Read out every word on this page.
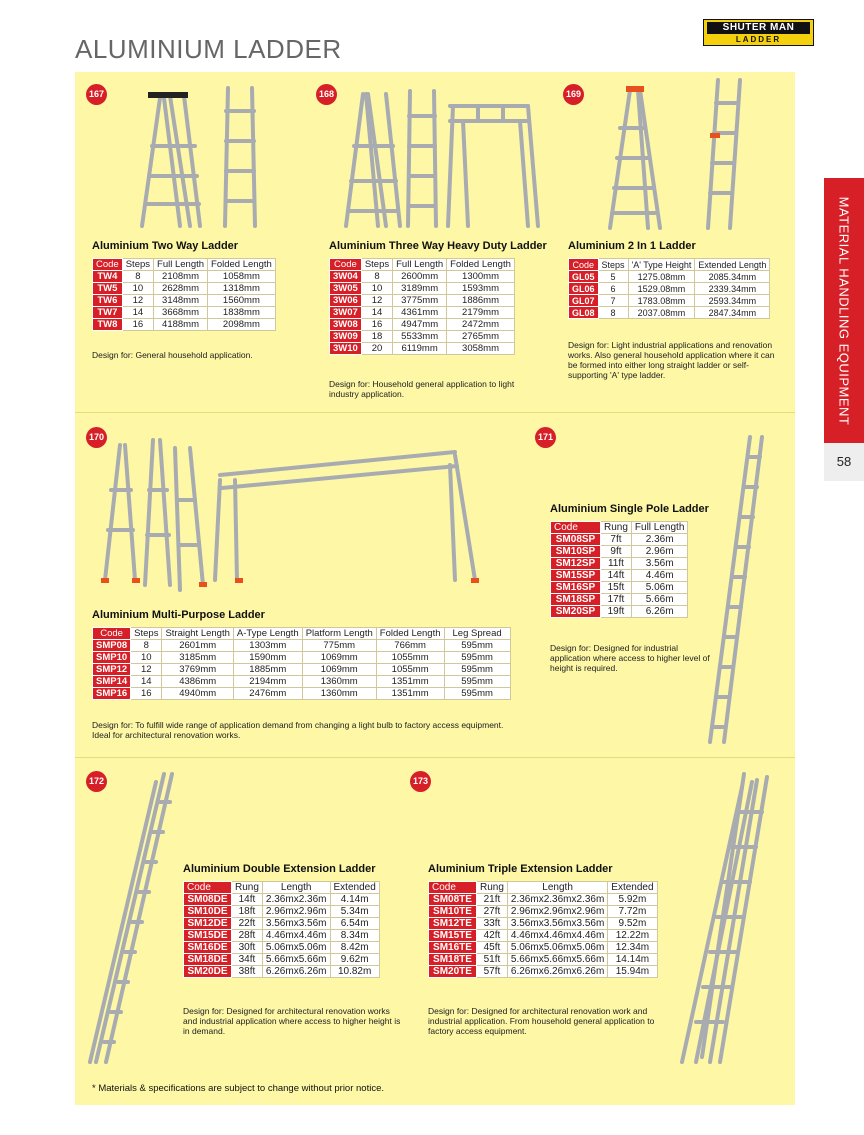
ALUMINIUM LADDER
SHUTER MAN
LADDER
MATERIAL HANDLING EQUIPMENT
58
167
Aluminium Two Way Ladder
Code	Steps	Full Length	Folded Length
TW4	8	2108mm	1058mm
TW5	10	2628mm	1318mm
TW6	12	3148mm	1560mm
TW7	14	3668mm	1838mm
TW8	16	4188mm	2098mm
Design for: General household application.
168
Aluminium Three Way Heavy Duty Ladder
Code	Steps	Full Length	Folded Length
3W04	8	2600mm	1300mm
3W05	10	3189mm	1593mm
3W06	12	3775mm	1886mm
3W07	14	4361mm	2179mm
3W08	16	4947mm	2472mm
3W09	18	5533mm	2765mm
3W10	20	6119mm	3058mm
Design for: Household general application to light industry application.
169
Aluminium 2 In 1 Ladder
Code	Steps	'A' Type Height	Extended Length
GL05	5	1275.08mm	2085.34mm
GL06	6	1529.08mm	2339.34mm
GL07	7	1783.08mm	2593.34mm
GL08	8	2037.08mm	2847.34mm
Design for: Light industrial applications and renovation works. Also general household application where it can be formed into either long straight ladder or self-supporting 'A' type ladder.
170
Aluminium Multi-Purpose Ladder
Code	Steps	Straight Length	A-Type Length	Platform Length	Folded Length	Leg Spread
SMP08	8	2601mm	1303mm	775mm	766mm	595mm
SMP10	10	3185mm	1590mm	1069mm	1055mm	595mm
SMP12	12	3769mm	1885mm	1069mm	1055mm	595mm
SMP14	14	4386mm	2194mm	1360mm	1351mm	595mm
SMP16	16	4940mm	2476mm	1360mm	1351mm	595mm
Design for: To fulfill wide range of application demand from changing a light bulb to factory access equipment. Ideal for architectural renovation works.
171
Aluminium Single Pole Ladder
Code	Rung	Full Length
SM08SP	7ft	2.36m
SM10SP	9ft	2.96m
SM12SP	11ft	3.56m
SM15SP	14ft	4.46m
SM16SP	15ft	5.06m
SM18SP	17ft	5.66m
SM20SP	19ft	6.26m
Design for: Designed for industrial application where access to higher level of height is required.
172
Aluminium Double Extension Ladder
Code	Rung	Length	Extended
SM08DE	14ft	2.36mx2.36m	4.14m
SM10DE	18ft	2.96mx2.96m	5.34m
SM12DE	22ft	3.56mx3.56m	6.54m
SM15DE	28ft	4.46mx4.46m	8.34m
SM16DE	30ft	5.06mx5.06m	8.42m
SM18DE	34ft	5.66mx5.66m	9.62m
SM20DE	38ft	6.26mx6.26m	10.82m
Design for: Designed for architectural renovation works and industrial application where access to higher height is in demand.
173
Aluminium Triple Extension Ladder
Code	Rung	Length	Extended
SM08TE	21ft	2.36mx2.36mx2.36m	5.92m
SM10TE	27ft	2.96mx2.96mx2.96m	7.72m
SM12TE	33ft	3.56mx3.56mx3.56m	9.52m
SM15TE	42ft	4.46mx4.46mx4.46m	12.22m
SM16TE	45ft	5.06mx5.06mx5.06m	12.34m
SM18TE	51ft	5.66mx5.66mx5.66m	14.14m
SM20TE	57ft	6.26mx6.26mx6.26m	15.94m
Design for: Designed for architectural renovation work and industrial application. From household general application to factory access equipment.
* Materials & specifications are subject to change without prior notice.
